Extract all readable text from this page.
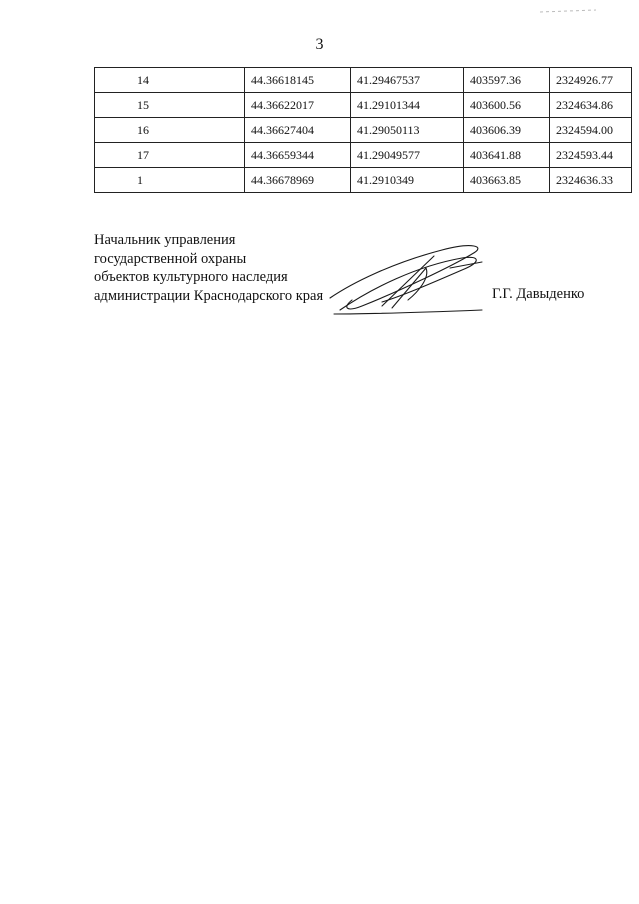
3
14	44.36618145	41.29467537	403597.36	2324926.77
15	44.36622017	41.29101344	403600.56	2324634.86
16	44.36627404	41.29050113	403606.39	2324594.00
17	44.36659344	41.29049577	403641.88	2324593.44
1	44.36678969	41.2910349	403663.85	2324636.33
Начальник управления
государственной охраны
объектов культурного наследия
администрации Краснодарского края	Г.Г. Давыденко
